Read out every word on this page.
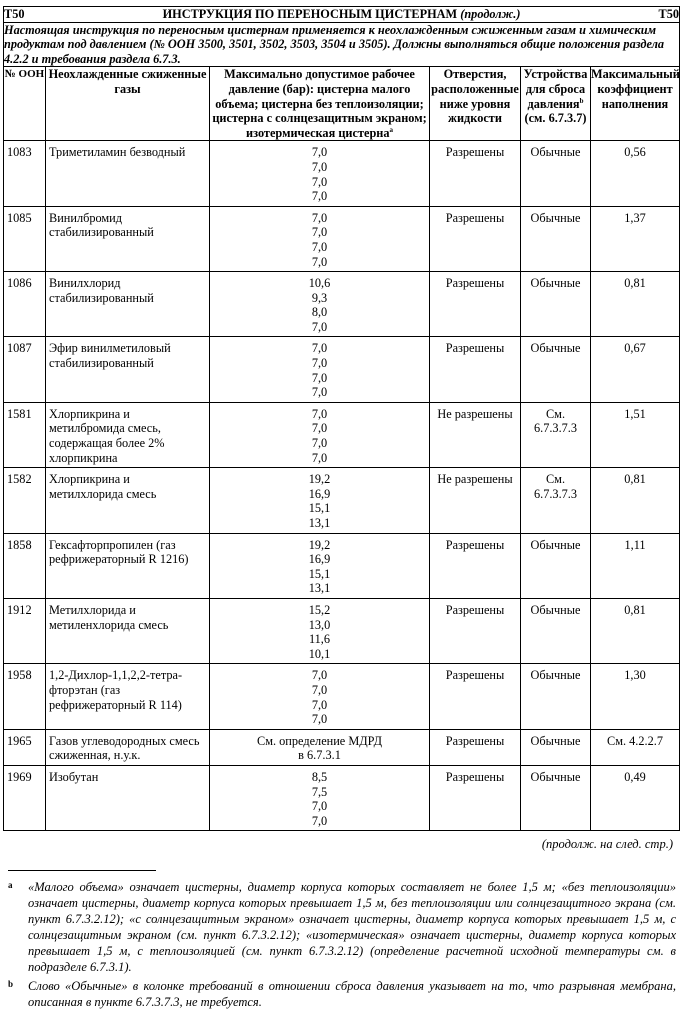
T50 ИНСТРУКЦИЯ ПО ПЕРЕНОСНЫМ ЦИСТЕРНАМ (продолж.) T50					

Настоящая инструкция по переносным цистернам применяется к неохлажденным сжиженным газам и химическим продуктам под давлением (№ ООН 3500, 3501, 3502, 3503, 3504 и 3505). Должны выполняться общие положения раздела 4.2.2 и требования раздела 6.7.3.					
№ ООН	Неохлажденные сжиженные газы	Максимально допустимое рабочее давление (бар): цистерна малого объема; цистерна без теплоизоляции; цистерна с солнцезащитным экраном; изотермическая цистерна$^a$	Отверстия, расположенные ниже уровня жидкости	Устройства для сброса давления$^b$ (см. 6.7.3.7)	Максимальный коэффициент наполнения
1083	Триметиламин безводный	7,0
7,0
7,0
7,0	Разрешены	Обычные	0,56
1085	Винилбромид стабилизированный	7,0
7,0
7,0
7,0	Разрешены	Обычные	1,37
1086	Винилхлорид стабилизированный	10,6
9,3
8,0
7,0	Разрешены	Обычные	0,81
1087	Эфир винилметиловый стабилизированный	7,0
7,0
7,0
7,0	Разрешены	Обычные	0,67
1581	Хлорпикрина и метилбромида смесь, содержащая более 2% хлорпикрина	7,0
7,0
7,0
7,0	Не разрешены	См. 6.7.3.7.3	1,51
1582	Хлорпикрина и метилхлорида смесь	19,2
16,9
15,1
13,1	Не разрешены	См. 6.7.3.7.3	0,81
1858	Гексафторпропилен (газ рефрижераторный R 1216)	19,2
16,9
15,1
13,1	Разрешены	Обычные	1,11
1912	Метилхлорида и метиленхлорида смесь	15,2
13,0
11,6
10,1	Разрешены	Обычные	0,81
1958	1,2-Дихлор-1,1,2,2-тетра-фторэтан (газ рефрижераторный R 114)	7,0
7,0
7,0
7,0	Разрешены	Обычные	1,30
1965	Газов углеводородных смесь сжиженная, н.у.к.	См. определение МДРД
в 6.7.3.1	Разрешены	Обычные	См. 4.2.2.7
1969	Изобутан	8,5
7,5
7,0
7,0	Разрешены	Обычные	0,49
(продолж. на след. стр.)
a	«Малого объема» означает цистерны, диаметр корпуса которых составляет не более 1,5 м; «без теплоизоляции» означает цистерны, диаметр корпуса которых превышает 1,5 м, без теплоизоляции или солнцезащитного экрана (см. пункт 6.7.3.2.12); «с солнцезащитным экраном» означает цистерны, диаметр корпуса которых превышает 1,5 м, с солнцезащитным экраном (см. пункт 6.7.3.2.12); «изотермическая» означает цистерны, диаметр корпуса которых превышает 1,5 м, с теплоизоляцией (см. пункт 6.7.3.2.12) (определение расчетной исходной температуры см. в подразделе 6.7.3.1).
b	Слово «Обычные» в колонке требований в отношении сброса давления указывает на то, что разрывная мембрана, описанная в пункте 6.7.3.7.3, не требуется.
